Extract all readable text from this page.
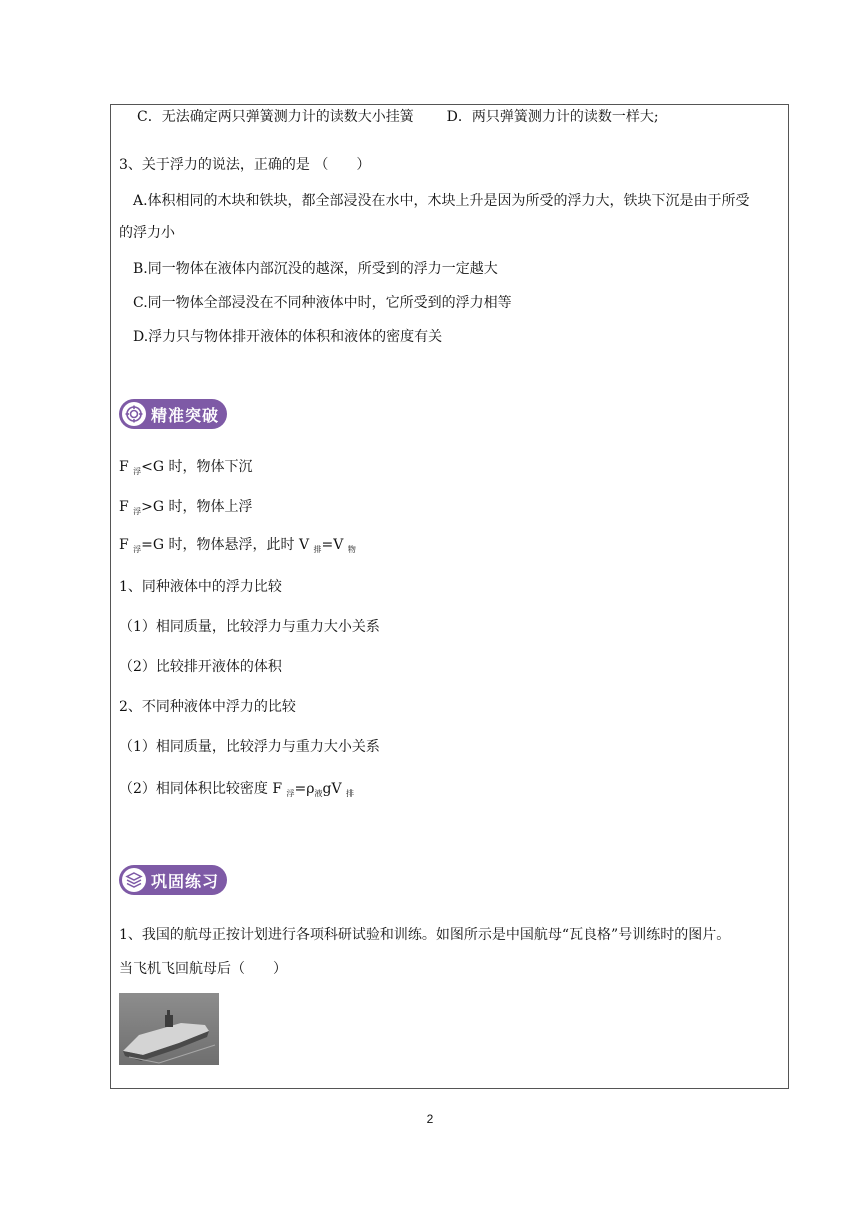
C．无法确定两只弹簧测力计的读数大小挂簧 D．两只弹簧测力计的读数一样大;
3、关于浮力的说法，正确的是 （　　）
A.体积相同的木块和铁块，都全部浸没在水中，木块上升是因为所受的浮力大，铁块下沉是由于所受
的浮力小
B.同一物体在液体内部沉没的越深，所受到的浮力一定越大
C.同一物体全部浸没在不同种液体中时，它所受到的浮力相等
D.浮力只与物体排开液体的体积和液体的密度有关
精准突破
F $_浮$<G 时，物体下沉
F $_浮$>G 时，物体上浮
F $_浮$=G 时，物体悬浮，此时 V $_排$=V $_物$
1、同种液体中的浮力比较
（1）相同质量，比较浮力与重力大小关系
（2）比较排开液体的体积
2、不同种液体中浮力的比较
（1）相同质量，比较浮力与重力大小关系
（2）相同体积比较密度 F $_浮=\rho_液gV$ $_排$
巩固练习
1、我国的航母正按计划进行各项科研试验和训练。如图所示是中国航母“瓦良格”号训练时的图片。
当飞机飞回航母后（　　）
2
